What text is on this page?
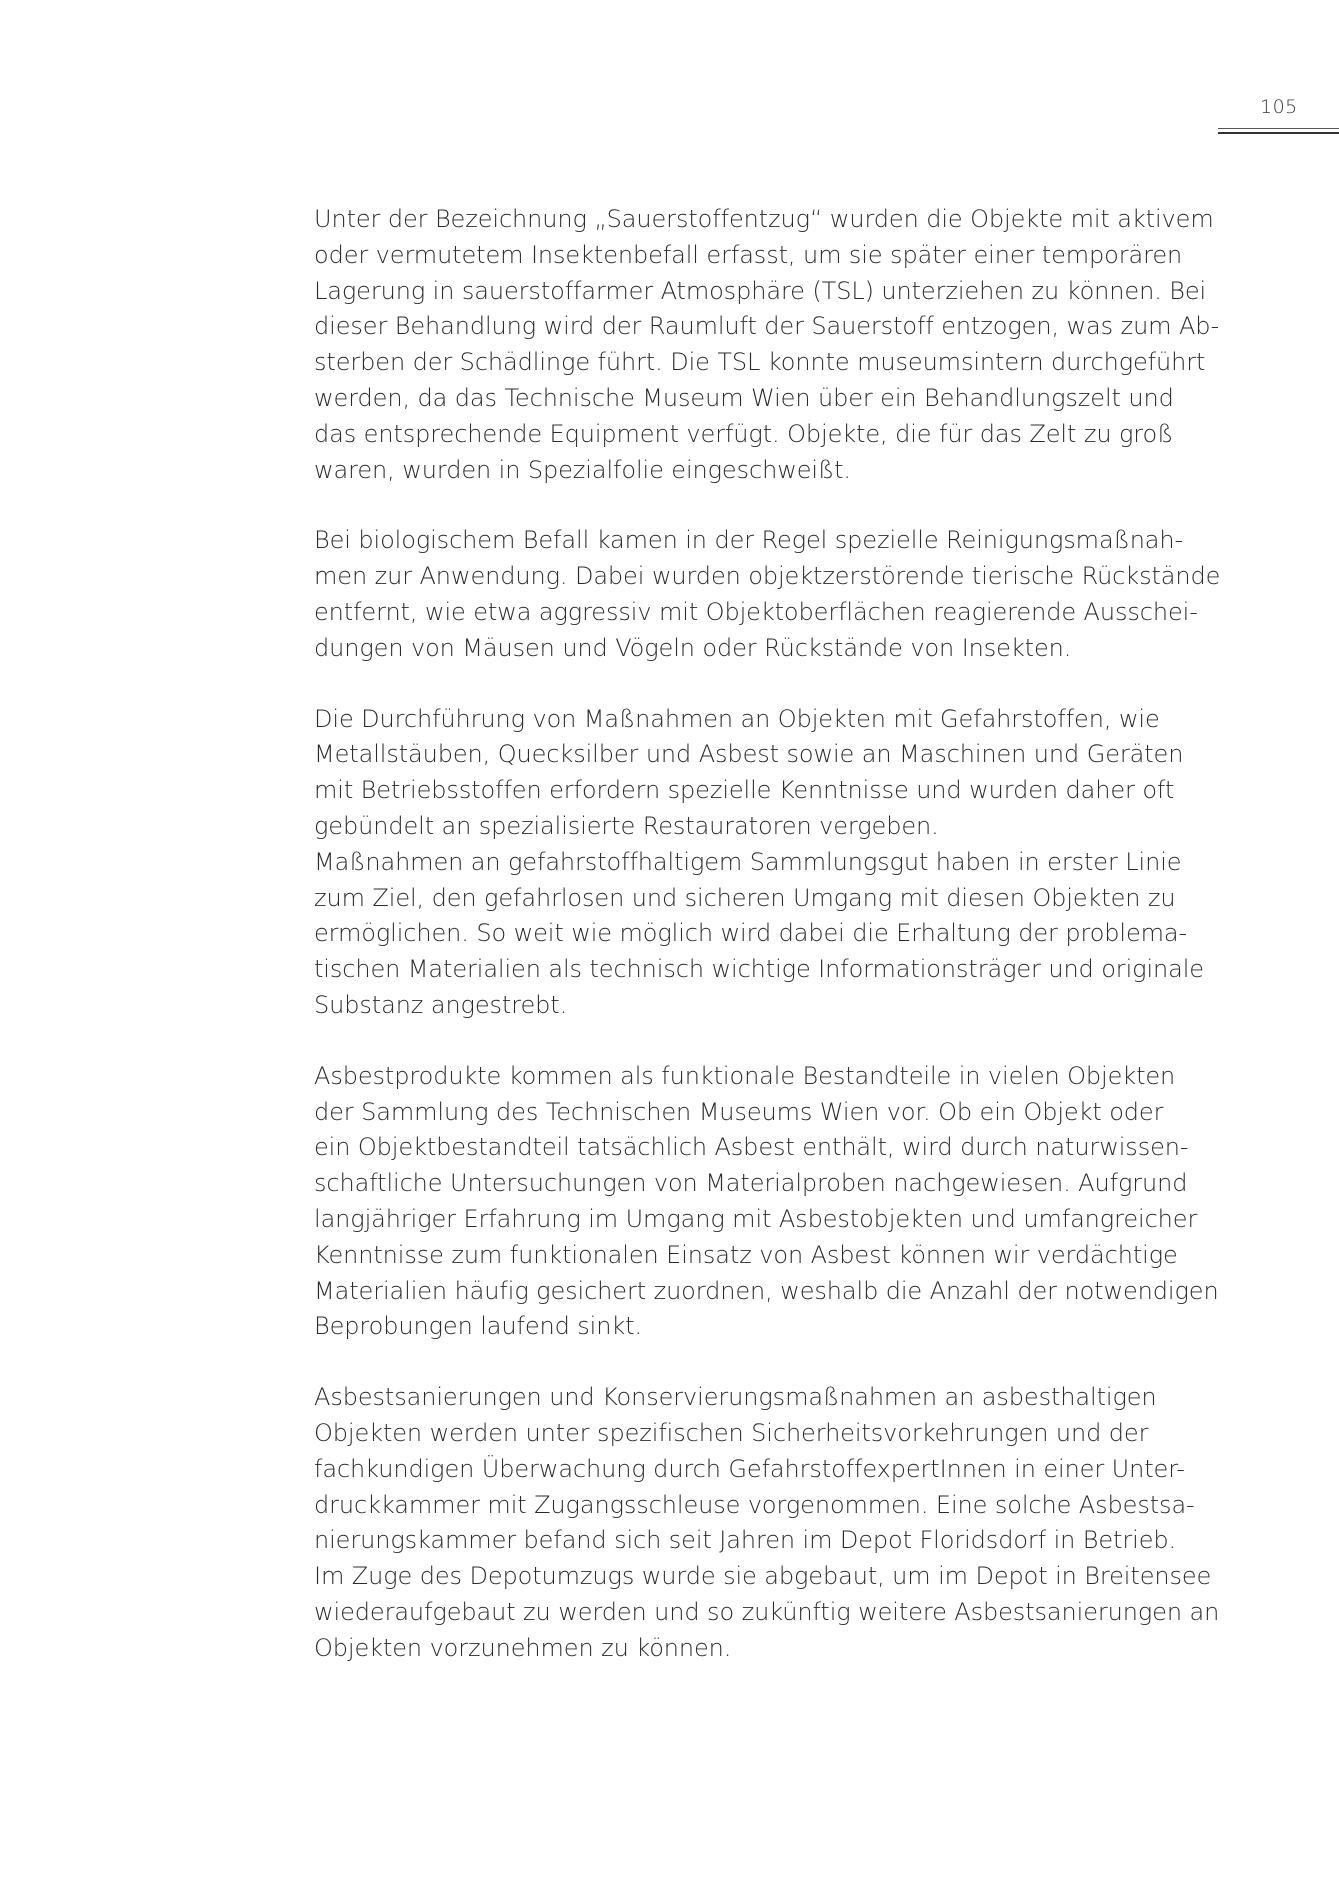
105
Unter der Bezeichnung „Sauerstoffentzug“ wurden die Objekte mit aktivem
oder vermutetem Insektenbefall erfasst, um sie später einer temporären
Lagerung in sauerstoffarmer Atmosphäre (TSL) unterziehen zu können. Bei
dieser Behandlung wird der Raumluft der Sauerstoff entzogen, was zum Ab-
sterben der Schädlinge führt. Die TSL konnte museumsintern durchgeführt
werden, da das Technische Museum Wien über ein Behandlungszelt und
das entsprechende Equipment verfügt. Objekte, die für das Zelt zu groß
waren, wurden in Spezialfolie eingeschweißt.
Bei biologischem Befall kamen in der Regel spezielle Reinigungsmaßnah-
men zur Anwendung. Dabei wurden objektzerstörende tierische Rückstände
entfernt, wie etwa aggressiv mit Objektoberflächen reagierende Ausschei-
dungen von Mäusen und Vögeln oder Rückstände von Insekten.
Die Durchführung von Maßnahmen an Objekten mit Gefahrstoffen, wie
Metallstäuben, Quecksilber und Asbest sowie an Maschinen und Geräten
mit Betriebsstoffen erfordern spezielle Kenntnisse und wurden daher oft
gebündelt an spezialisierte Restauratoren vergeben.
Maßnahmen an gefahrstoffhaltigem Sammlungsgut haben in erster Linie
zum Ziel, den gefahrlosen und sicheren Umgang mit diesen Objekten zu
ermöglichen. So weit wie möglich wird dabei die Erhaltung der problema-
tischen Materialien als technisch wichtige Informationsträger und originale
Substanz angestrebt.
Asbestprodukte kommen als funktionale Bestandteile in vielen Objekten
der Sammlung des Technischen Museums Wien vor. Ob ein Objekt oder
ein Objektbestandteil tatsächlich Asbest enthält, wird durch naturwissen-
schaftliche Untersuchungen von Materialproben nachgewiesen. Aufgrund
langjähriger Erfahrung im Umgang mit Asbestobjekten und umfangreicher
Kenntnisse zum funktionalen Einsatz von Asbest können wir verdächtige
Materialien häufig gesichert zuordnen, weshalb die Anzahl der notwendigen
Beprobungen laufend sinkt.
Asbestsanierungen und Konservierungsmaßnahmen an asbesthaltigen
Objekten werden unter spezifischen Sicherheitsvorkehrungen und der
fachkundigen Überwachung durch GefahrstoffexpertInnen in einer Unter-
druckkammer mit Zugangsschleuse vorgenommen. Eine solche Asbestsa-
nierungskammer befand sich seit Jahren im Depot Floridsdorf in Betrieb.
Im Zuge des Depotumzugs wurde sie abgebaut, um im Depot in Breitensee
wiederaufgebaut zu werden und so zukünftig weitere Asbestsanierungen an
Objekten vorzunehmen zu können.
